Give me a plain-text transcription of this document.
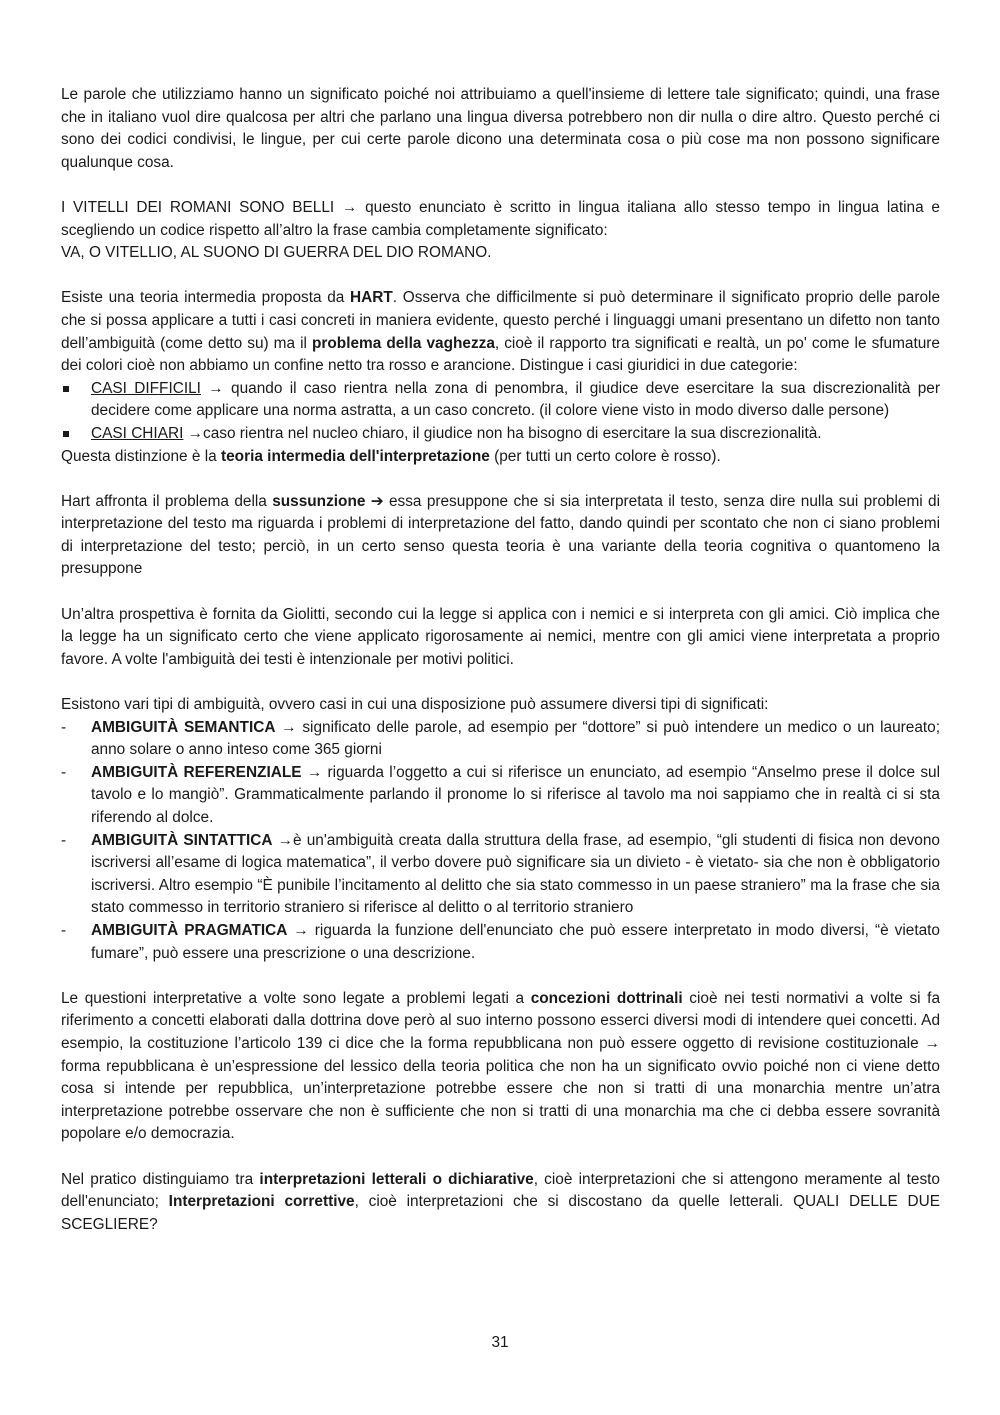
Le parole che utilizziamo hanno un significato poiché noi attribuiamo a quell'insieme di lettere tale significato; quindi, una frase che in italiano vuol dire qualcosa per altri che parlano una lingua diversa potrebbero non dir nulla o dire altro. Questo perché ci sono dei codici condivisi, le lingue, per cui certe parole dicono una determinata cosa o più cose ma non possono significare qualunque cosa.

I VITELLI DEI ROMANI SONO BELLI → questo enunciato è scritto in lingua italiana allo stesso tempo in lingua latina e scegliendo un codice rispetto all’altro la frase cambia completamente significato:
VA, O VITELLIO, AL SUONO DI GUERRA DEL DIO ROMANO.

Esiste una teoria intermedia proposta da HART. Osserva che difficilmente si può determinare il significato proprio delle parole che si possa applicare a tutti i casi concreti in maniera evidente, questo perché i linguaggi umani presentano un difetto non tanto dell’ambiguità (come detto su) ma il problema della vaghezza, cioè il rapporto tra significati e realtà, un po' come le sfumature dei colori cioè non abbiamo un confine netto tra rosso e arancione. Distingue i casi giuridici in due categorie:

CASI DIFFICILI → quando il caso rientra nella zona di penombra, il giudice deve esercitare la sua discrezionalità per decidere come applicare una norma astratta, a un caso concreto. (il colore viene visto in modo diverso dalle persone)
CASI CHIARI →caso rientra nel nucleo chiaro, il giudice non ha bisogno di esercitare la sua discrezionalità.

Questa distinzione è la teoria intermedia dell'interpretazione (per tutti un certo colore è rosso).

Hart affronta il problema della sussunzione ➔ essa presuppone che si sia interpretata il testo, senza dire nulla sui problemi di interpretazione del testo ma riguarda i problemi di interpretazione del fatto, dando quindi per scontato che non ci siano problemi di interpretazione del testo; perciò, in un certo senso questa teoria è una variante della teoria cognitiva o quantomeno la presuppone

Un’altra prospettiva è fornita da Giolitti, secondo cui la legge si applica con i nemici e si interpreta con gli amici. Ciò implica che la legge ha un significato certo che viene applicato rigorosamente ai nemici, mentre con gli amici viene interpretata a proprio favore. A volte l'ambiguità dei testi è intenzionale per motivi politici.

Esistono vari tipi di ambiguità, ovvero casi in cui una disposizione può assumere diversi tipi di significati:

-	AMBIGUITÀ SEMANTICA → significato delle parole, ad esempio per “dottore” si può intendere un medico o un laureato; anno solare o anno inteso come 365 giorni
-	AMBIGUITÀ REFERENZIALE → riguarda l’oggetto a cui si riferisce un enunciato, ad esempio “Anselmo prese il dolce sul tavolo e lo mangiò”. Grammaticalmente parlando il pronome lo si riferisce al tavolo ma noi sappiamo che in realtà ci si sta riferendo al dolce.
-	AMBIGUITÀ SINTATTICA →è un'ambiguità creata dalla struttura della frase, ad esempio, “gli studenti di fisica non devono iscriversi all’esame di logica matematica”, il verbo dovere può significare sia un divieto - è vietato- sia che non è obbligatorio iscriversi. Altro esempio “È punibile l’incitamento al delitto che sia stato commesso in un paese straniero” ma la frase che sia stato commesso in territorio straniero si riferisce al delitto o al territorio straniero
-	AMBIGUITÀ PRAGMATICA → riguarda la funzione dell'enunciato che può essere interpretato in modo diversi, “è vietato fumare”, può essere una prescrizione o una descrizione.

Le questioni interpretative a volte sono legate a problemi legati a concezioni dottrinali cioè nei testi normativi a volte si fa riferimento a concetti elaborati dalla dottrina dove però al suo interno possono esserci diversi modi di intendere quei concetti. Ad esempio, la costituzione l’articolo 139 ci dice che la forma repubblicana non può essere oggetto di revisione costituzionale → forma repubblicana è un’espressione del lessico della teoria politica che non ha un significato ovvio poiché non ci viene detto cosa si intende per repubblica, un’interpretazione potrebbe essere che non si tratti di una monarchia mentre un’atra interpretazione potrebbe osservare che non è sufficiente che non si tratti di una monarchia ma che ci debba essere sovranità popolare e/o democrazia.

Nel pratico distinguiamo tra interpretazioni letterali o dichiarative, cioè interpretazioni che si attengono meramente al testo dell'enunciato; Interpretazioni correttive, cioè interpretazioni che si discostano da quelle letterali. QUALI DELLE DUE SCEGLIERE?

31
